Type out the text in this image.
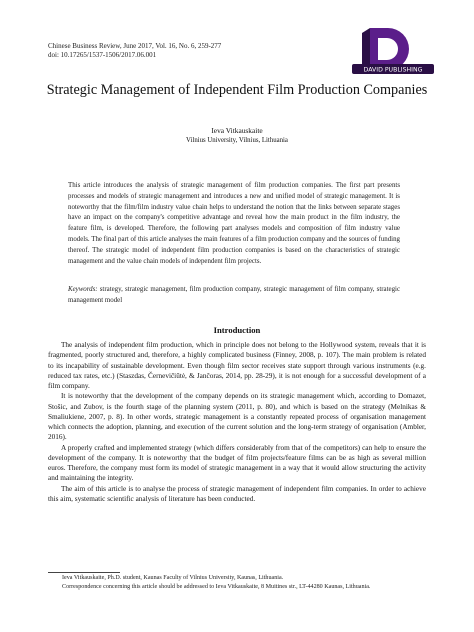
Chinese Business Review, June 2017, Vol. 16, No. 6, 259-277
doi: 10.17265/1537-1506/2017.06.001
DAVID PUBLISHING
Strategic Management of Independent Film Production Companies
Ieva Vitkauskaite
Vilnius University, Vilnius, Lithuania
This article introduces the analysis of strategic management of film production companies. The first part presents processes and models of strategic management and introduces a new and unified model of strategic management. It is noteworthy that the film/film industry value chain helps to understand the notion that the links between separate stages have an impact on the company's competitive advantage and reveal how the main product in the film industry, the feature film, is developed. Therefore, the following part analyses models and composition of film industry value models. The final part of this article analyses the main features of a film production company and the sources of funding thereof. The strategic model of independent film production companies is based on the characteristics of strategic management and the value chain models of independent film projects.
Keywords: strategy, strategic management, film production company, strategic management of film company, strategic management model
Introduction

The analysis of independent film production, which in principle does not belong to the Hollywood system, reveals that it is fragmented, poorly structured and, therefore, a highly complicated business (Finney, 2008, p. 107). The main problem is related to its incapability of sustainable development. Even though film sector receives state support through various instruments (e.g. reduced tax rates, etc.) (Staszdas, Černevičiūtė, & Jančoras, 2014, pp. 28-29), it is not enough for a successful development of a film company.

It is noteworthy that the development of the company depends on its strategic management which, according to Domazet, Stošic, and Zubov, is the fourth stage of the planning system (2011, p. 80), and which is based on the strategy (Melnikas & Smaliukiene, 2007, p. 8). In other words, strategic management is a constantly repeated process of organisation management which connects the adoption, planning, and execution of the current solution and the long-term strategy of organisation (Ambler, 2016).

A properly crafted and implemented strategy (which differs considerably from that of the competitors) can help to ensure the development of the company. It is noteworthy that the budget of film projects/feature films can be as high as several million euros. Therefore, the company must form its model of strategic management in a way that it would allow structuring the activity and maintaining the integrity.

The aim of this article is to analyse the process of strategic management of independent film companies. In order to achieve this aim, systematic scientific analysis of literature has been conducted.

Ieva Vitkauskaite, Ph.D. student, Kaunas Faculty of Vilnius University, Kaunas, Lithuania.
Correspondence concerning this article should be addressed to Ieva Vitkauskaite, 8 Muitines str., LT-44280 Kaunas, Lithuania.
